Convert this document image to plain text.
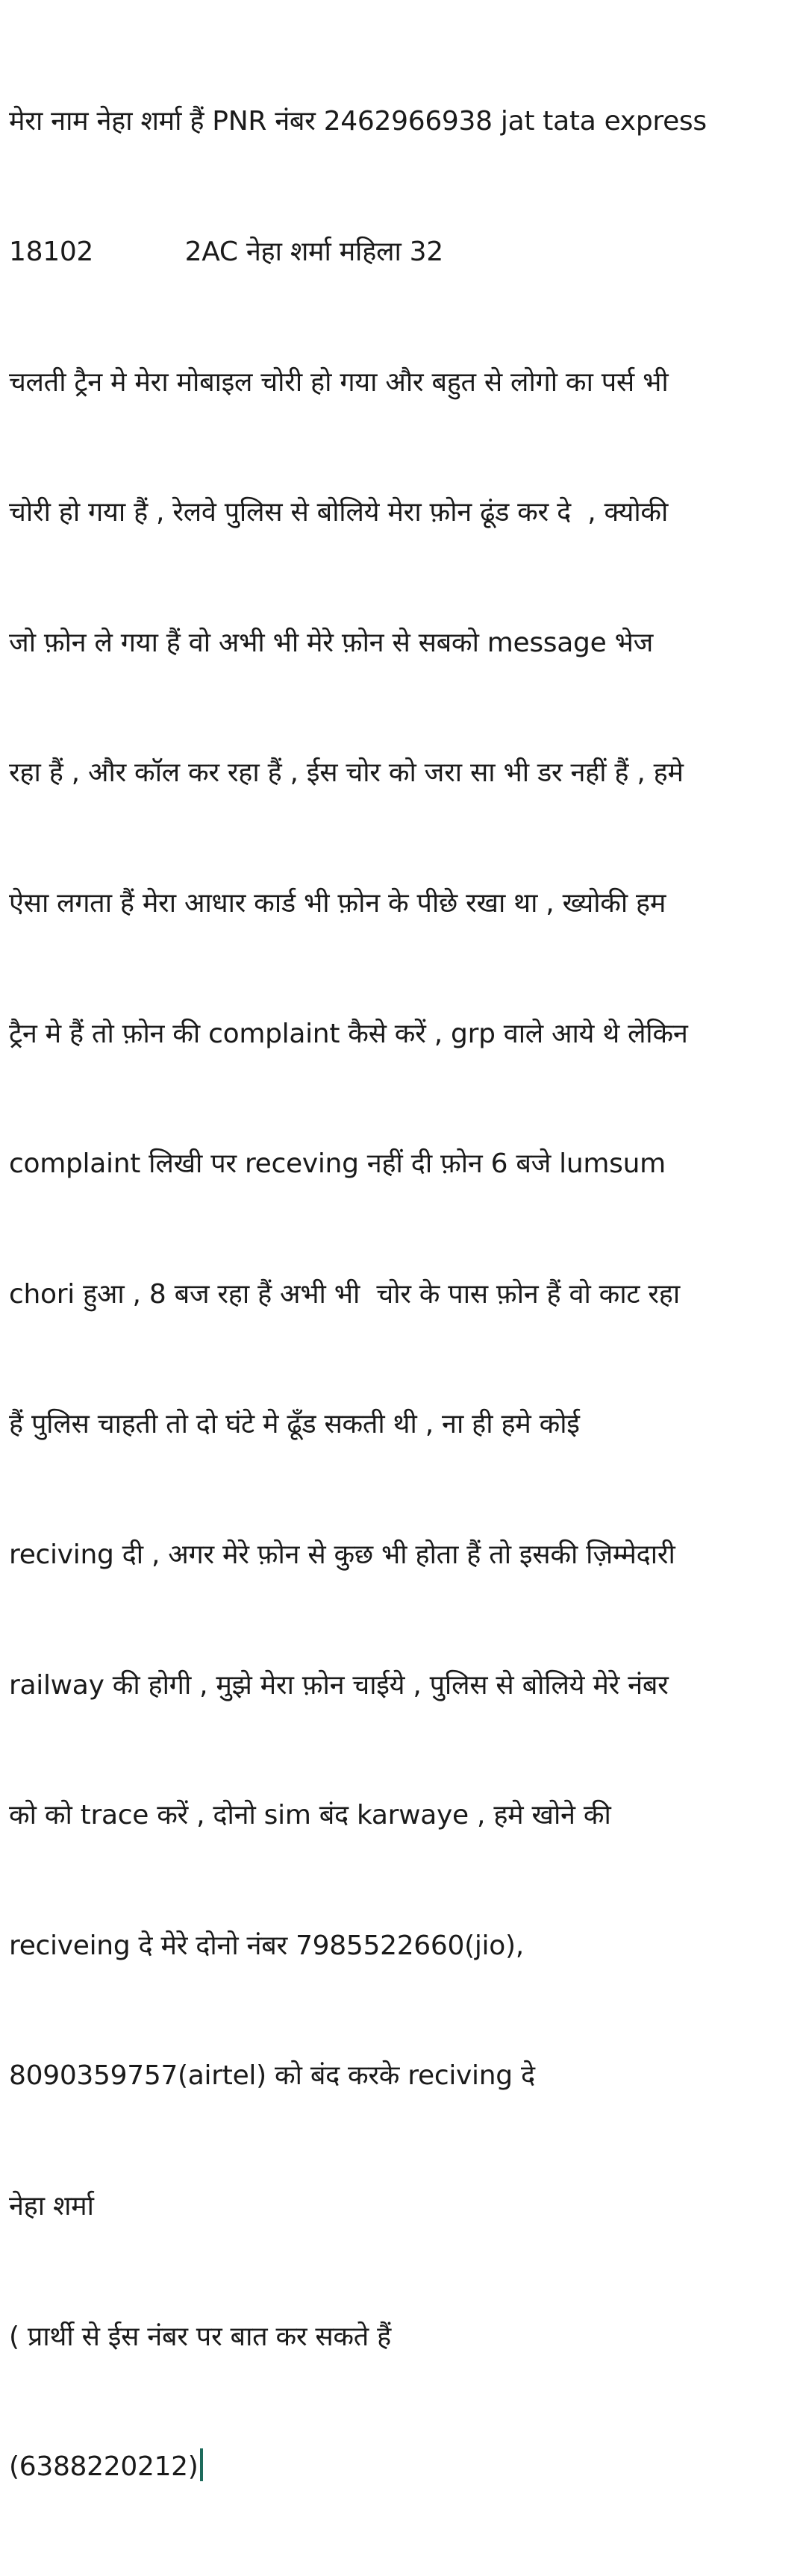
मेरा नाम नेहा शर्मा हैं PNR नंबर 2462966938 jat tata express

18102           2AC नेहा शर्मा महिला 32

चलती ट्रैन मे मेरा मोबाइल चोरी हो गया और बहुत से लोगो का पर्स भी

चोरी हो गया हैं , रेलवे पुलिस से बोलिये मेरा फ़ोन ढूंड कर दे  , क्योकी

जो फ़ोन ले गया हैं वो अभी भी मेरे फ़ोन से सबको message भेज

रहा हैं , और कॉल कर रहा हैं , ईस चोर को जरा सा भी डर नहीं हैं , हमे

ऐसा लगता हैं मेरा आधार कार्ड भी फ़ोन के पीछे रखा था , ख्योकी हम

ट्रैन मे हैं तो फ़ोन की complaint कैसे करें , grp वाले आये थे लेकिन

complaint लिखी पर receving नहीं दी फ़ोन 6 बजे lumsum

chori हुआ , 8 बज रहा हैं अभी भी  चोर के पास फ़ोन हैं वो काट रहा

हैं पुलिस चाहती तो दो घंटे मे ढूँड सकती थी , ना ही हमे कोई

reciving दी , अगर मेरे फ़ोन से कुछ भी होता हैं तो इसकी ज़िम्मेदारी

railway की होगी , मुझे मेरा फ़ोन चाईये , पुलिस से बोलिये मेरे नंबर

को को trace करें , दोनो sim बंद karwaye , हमे खोने की

reciveing दे मेरे दोनो नंबर 7985522660(jio),

8090359757(airtel) को बंद करके reciving दे

नेहा शर्मा

( प्रार्थी से ईस नंबर पर बात कर सकते हैं

(6388220212)
